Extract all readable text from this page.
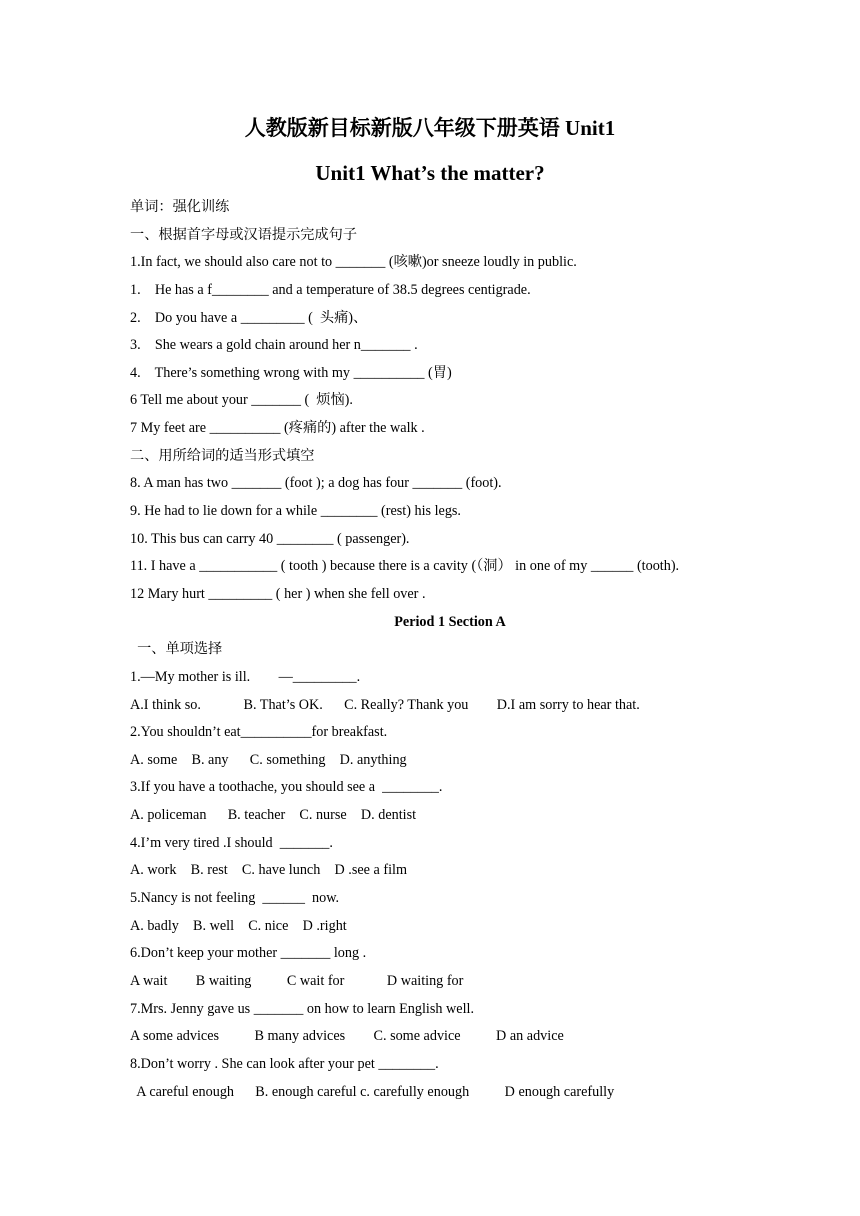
人教版新目标新版八年级下册英语 Unit1
Unit1 What’s the matter?
单词：强化训练
一、根据首字母或汉语提示完成句子
1.In fact, we should also care not to _______ (咳嗽)or sneeze loudly in public.
1.    He has a f________ and a temperature of 38.5 degrees centigrade.
2.    Do you have a _________ (  头痛)、
3.    She wears a gold chain around her n_______ .
4.    There’s something wrong with my __________ (胃)
6 Tell me about your _______ (  烦恼).
7 My feet are __________ (疼痛的) after the walk .
二、用所给词的适当形式填空
8. A man has two _______ (foot ); a dog has four _______ (foot).
9. He had to lie down for a while ________ (rest) his legs.
10. This bus can carry 40 ________ ( passenger).
11. I have a ___________ ( tooth ) because there is a cavity (（洞） in one of my ______ (tooth).
12 Mary hurt _________ ( her ) when she fell over .
Period 1 Section A
一、单项选择
1.—My mother is ill.        —_________.
A.I think so.            B. That’s OK.      C. Really? Thank you        D.I am sorry to hear that.
2.You shouldn’t eat__________for breakfast.
A. some    B. any      C. something    D. anything
3.If you have a toothache, you should see a  ________.
A. policeman      B. teacher    C. nurse    D. dentist
4.I’m very tired .I should  _______.
A. work    B. rest    C. have lunch    D .see a film
5.Nancy is not feeling  ______  now.
A. badly    B. well    C. nice    D .right
6.Don’t keep your mother _______ long .
A wait        B waiting          C wait for            D waiting for
7.Mrs. Jenny gave us _______ on how to learn English well.
A some advices          B many advices        C. some advice          D an advice
8.Don’t worry . She can look after your pet ________.
A careful enough      B. enough careful c. carefully enough          D enough carefully
